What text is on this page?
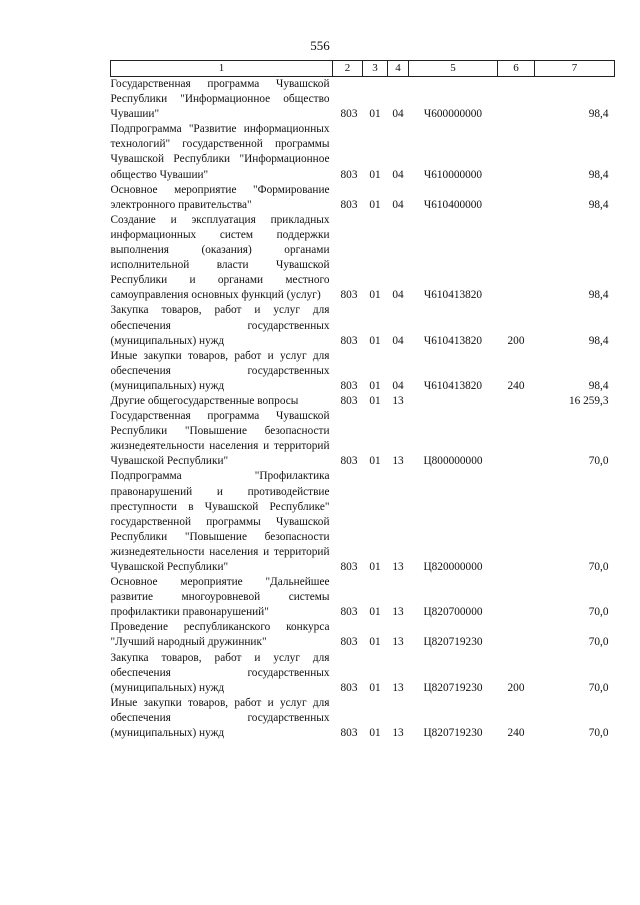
556
1	2	3	4	5	6	7
Государственная программа Чувашской Республики "Информационное общество Чувашии"	803	01	04	Ч600000000		98,4
Подпрограмма "Развитие информационных технологий" государственной программы Чувашской Республики "Информационное общество Чувашии"	803	01	04	Ч610000000		98,4
Основное мероприятие "Формирование электронного правительства"	803	01	04	Ч610400000		98,4
Создание и эксплуатация прикладных информационных систем поддержки выполнения (оказания) органами исполнительной власти Чувашской Республики и органами местного самоуправления основных функций (услуг)	803	01	04	Ч610413820		98,4
Закупка товаров, работ и услуг для обеспечения государственных (муниципальных) нужд	803	01	04	Ч610413820	200	98,4
Иные закупки товаров, работ и услуг для обеспечения государственных (муниципальных) нужд	803	01	04	Ч610413820	240	98,4
Другие общегосударственные вопросы	803	01	13			16 259,3
Государственная программа Чувашской Республики "Повышение безопасности жизнедеятельности населения и территорий Чувашской Республики"	803	01	13	Ц800000000		70,0
Подпрограмма "Профилактика правонарушений и противодействие преступности в Чувашской Республике" государственной программы Чувашской Республики "Повышение безопасности жизнедеятельности населения и территорий Чувашской Республики"	803	01	13	Ц820000000		70,0
Основное мероприятие "Дальнейшее развитие многоуровневой системы профилактики правонарушений"	803	01	13	Ц820700000		70,0
Проведение республиканского конкурса "Лучший народный дружинник"	803	01	13	Ц820719230		70,0
Закупка товаров, работ и услуг для обеспечения государственных (муниципальных) нужд	803	01	13	Ц820719230	200	70,0
Иные закупки товаров, работ и услуг для обеспечения государственных (муниципальных) нужд	803	01	13	Ц820719230	240	70,0
